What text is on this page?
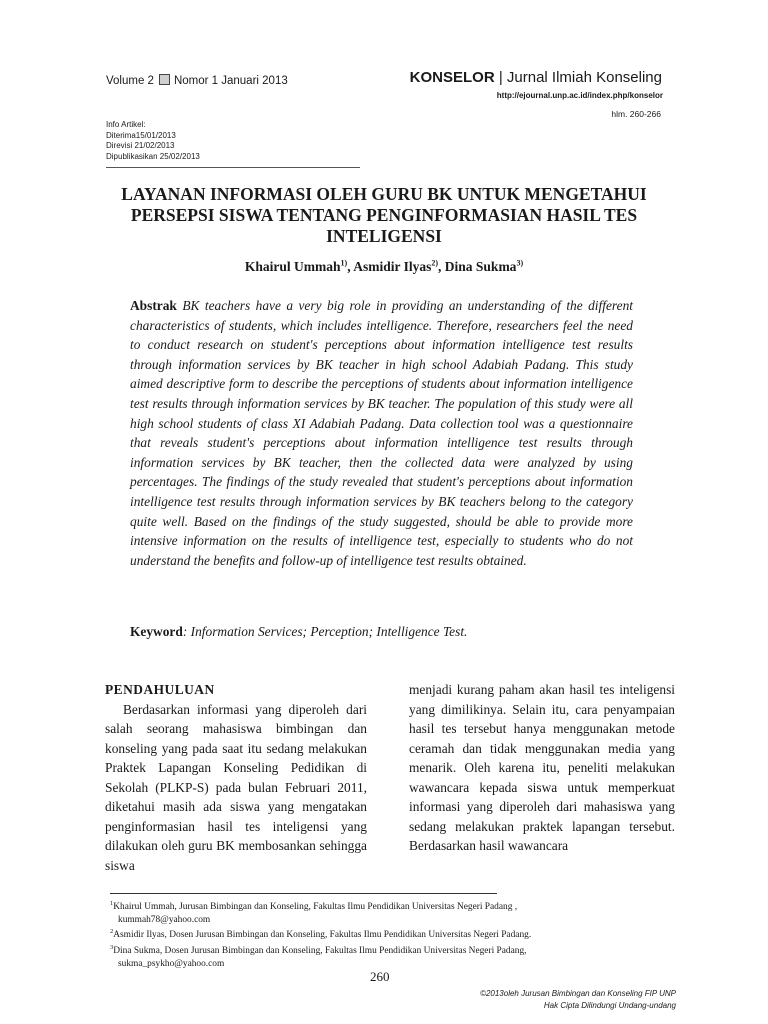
Volume 2 Nomor 1 Januari 2013	KONSELOR | Jurnal Ilmiah Konseling
http://ejournal.unp.ac.id/index.php/konselor
hlm. 260-266
Info Artikel:
Diterima15/01/2013
Direvisi 21/02/2013
Dipublikasikan 25/02/2013
LAYANAN INFORMASI OLEH GURU BK UNTUK MENGETAHUI PERSEPSI SISWA TENTANG PENGINFORMASIAN HASIL TES INTELIGENSI
Khairul Ummah$^{1)}$, Asmidir Ilyas$^{2)}$, Dina Sukma$^{3)}$
Abstrak BK teachers have a very big role in providing an understanding of the different characteristics of students, which includes intelligence. Therefore, researchers feel the need to conduct research on student's perceptions about information intelligence test results through information services by BK teacher in high school Adabiah Padang. This study aimed descriptive form to describe the perceptions of students about information intelligence test results through information services by BK teacher. The population of this study were all high school students of class XI Adabiah Padang. Data collection tool was a questionnaire that reveals student's perceptions about information intelligence test results through information services by BK teacher, then the collected data were analyzed by using percentages. The findings of the study revealed that student's perceptions about information intelligence test results through information services by BK teachers belong to the category quite well. Based on the findings of the study suggested, should be able to provide more intensive information on the results of intelligence test, especially to students who do not understand the benefits and follow-up of intelligence test results obtained.
Keyword: Information Services; Perception; Intelligence Test.
PENDAHULUAN

Berdasarkan informasi yang diperoleh dari salah seorang mahasiswa bimbingan dan konseling yang pada saat itu sedang melakukan Praktek Lapangan Konseling Pedidikan di Sekolah (PLKP-S) pada bulan Februari 2011, diketahui masih ada siswa yang mengatakan penginformasian hasil tes inteligensi yang dilakukan oleh guru BK membosankan sehingga siswa

menjadi kurang paham akan hasil tes inteligensi yang dimilikinya. Selain itu, cara penyampaian hasil tes tersebut hanya menggunakan metode ceramah dan tidak menggunakan media yang menarik. Oleh karena itu, peneliti melakukan wawancara kepada siswa untuk memperkuat informasi yang diperoleh dari mahasiswa yang sedang melakukan praktek lapangan tersebut. Berdasarkan hasil wawancara

$^1$Khairul Ummah, Jurusan Bimbingan dan Konseling, Fakultas Ilmu Pendidikan Universitas Negeri Padang ,
kummah78@yahoo.com
$^2$Asmidir Ilyas, Dosen Jurusan Bimbingan dan Konseling, Fakultas Ilmu Pendidikan Universitas Negeri Padang.
$^3$Dina Sukma, Dosen Jurusan Bimbingan dan Konseling, Fakultas Ilmu Pendidikan Universitas Negeri Padang,
sukma_psykho@yahoo.com
260
©2013oleh Jurusan Bimbingan dan Konseling FIP UNP
Hak Cipta Dilindungi Undang-undang
